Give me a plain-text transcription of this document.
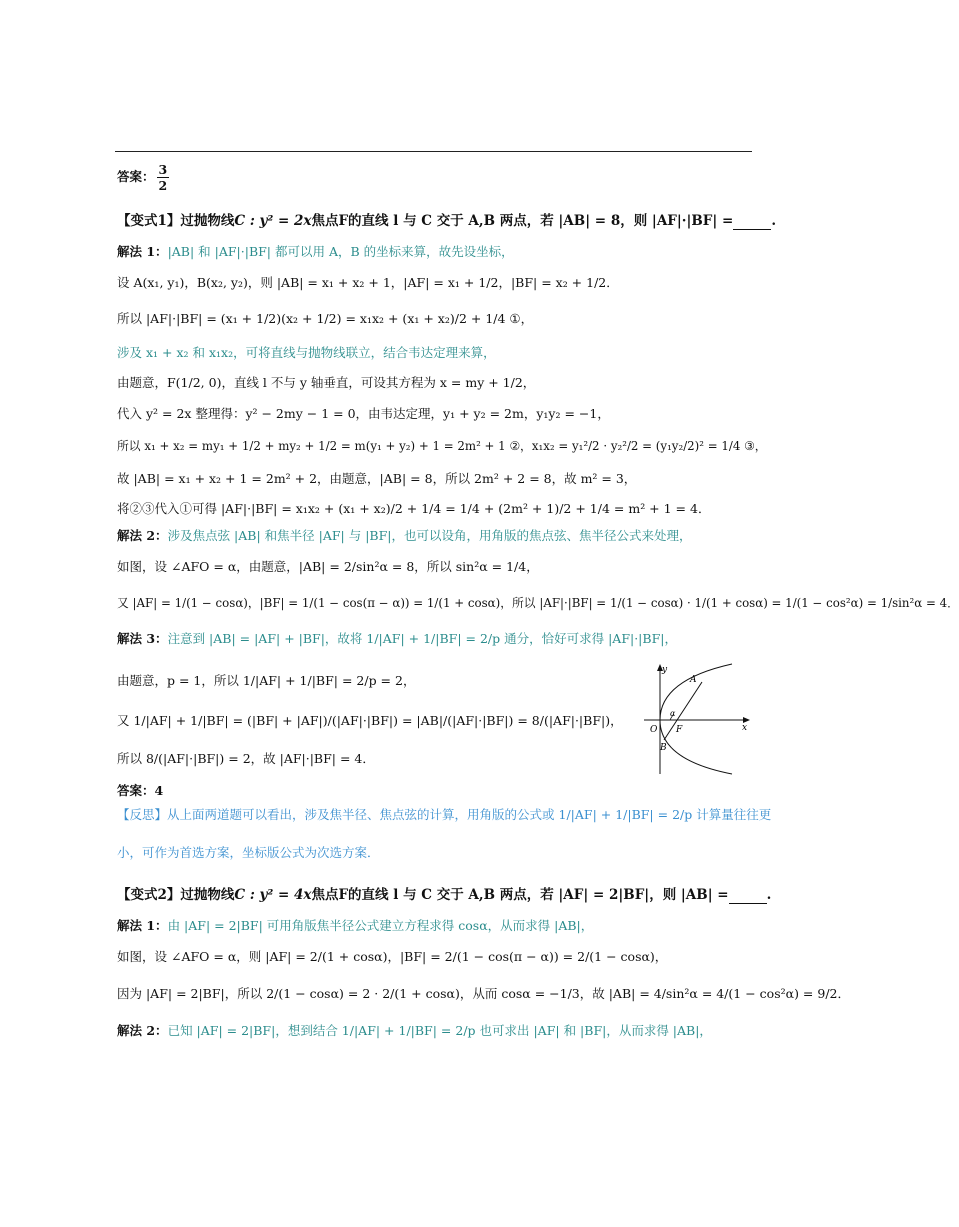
答案： $\frac{3}{2}$
【变式1】过抛物线C : y² = 2x焦点F的直线 l 与 C 交于 A,B 两点，若 |AB| = 8，则 |AF|·|BF| =	.
解法 1：|AB| 和 |AF|·|BF| 都可以用 A，B 的坐标来算，故先设坐标，
设 A(x₁, y₁)，B(x₂, y₂)，则 |AB| = x₁ + x₂ + 1，|AF| = x₁ + 1/2，|BF| = x₂ + 1/2．
所以 |AF|·|BF| = (x₁ + 1/2)(x₂ + 1/2) = x₁x₂ + (x₁ + x₂)/2 + 1/4 ①，
涉及 x₁ + x₂ 和 x₁x₂，可将直线与抛物线联立，结合韦达定理来算，
由题意，F(1/2, 0)，直线 l 不与 y 轴垂直，可设其方程为 x = my + 1/2，
代入 y² = 2x 整理得：y² − 2my − 1 = 0，由韦达定理，y₁ + y₂ = 2m，y₁y₂ = −1，
所以 x₁ + x₂ = my₁ + 1/2 + my₂ + 1/2 = m(y₁ + y₂) + 1 = 2m² + 1 ②，x₁x₂ = y₁²/2 · y₂²/2 = (y₁y₂/2)² = 1/4 ③，
故 |AB| = x₁ + x₂ + 1 = 2m² + 2，由题意，|AB| = 8，所以 2m² + 2 = 8，故 m² = 3，
将②③代入①可得 |AF|·|BF| = x₁x₂ + (x₁ + x₂)/2 + 1/4 = 1/4 + (2m² + 1)/2 + 1/4 = m² + 1 = 4．
解法 2：涉及焦点弦 |AB| 和焦半径 |AF| 与 |BF|，也可以设角，用角版的焦点弦、焦半径公式来处理，
如图，设 ∠AFO = α，由题意，|AB| = 2/sin²α = 8，所以 sin²α = 1/4，
又 |AF| = 1/(1 − cosα)，|BF| = 1/(1 − cos(π − α)) = 1/(1 + cosα)，所以 |AF|·|BF| = 1/(1 − cosα) · 1/(1 + cosα) = 1/(1 − cos²α) = 1/sin²α = 4．
解法 3：注意到 |AB| = |AF| + |BF|，故将 1/|AF| + 1/|BF| = 2/p 通分，恰好可求得 |AF|·|BF|，
由题意，p = 1，所以 1/|AF| + 1/|BF| = 2/p = 2，
又 1/|AF| + 1/|BF| = (|BF| + |AF|)/(|AF|·|BF|) = |AB|/(|AF|·|BF|) = 8/(|AF|·|BF|)，
所以 8/(|AF|·|BF|) = 2，故 |AF|·|BF| = 4．
答案：4
【反思】从上面两道题可以看出，涉及焦半径、焦点弦的计算，用角版的公式或 1/|AF| + 1/|BF| = 2/p 计算量往往更
小，可作为首选方案，坐标版公式为次选方案．
【变式2】过抛物线C : y² = 4x焦点F的直线 l 与 C 交于 A,B 两点，若 |AF| = 2|BF|，则 |AB| =	.
解法 1：由 |AF| = 2|BF| 可用角版焦半径公式建立方程求得 cosα，从而求得 |AB|，
如图，设 ∠AFO = α，则 |AF| = 2/(1 + cosα)，|BF| = 2/(1 − cos(π − α)) = 2/(1 − cosα)，
因为 |AF| = 2|BF|，所以 2/(1 − cosα) = 2 · 2/(1 + cosα)，从而 cosα = −1/3，故 |AB| = 4/sin²α = 4/(1 − cos²α) = 9/2．
解法 2：已知 |AF| = 2|BF|，想到结合 1/|AF| + 1/|BF| = 2/p 也可求出 |AF| 和 |BF|，从而求得 |AB|，
y
x
A
B
O F
α
